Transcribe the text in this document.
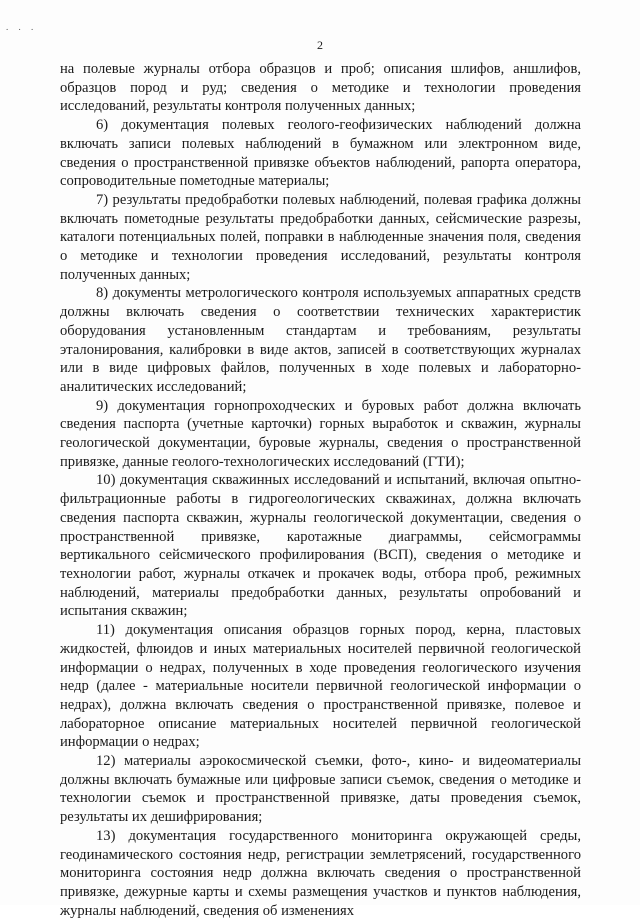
. . .
2

на полевые журналы отбора образцов и проб; описания шлифов, аншлифов, образцов пород и руд; сведения о методике и технологии проведения исследований, результаты контроля полученных данных;

6) документация полевых геолого-геофизических наблюдений должна включать записи полевых наблюдений в бумажном или электронном виде, сведения о пространственной привязке объектов наблюдений, рапорта оператора, сопроводительные пометодные материалы;

7) результаты предобработки полевых наблюдений, полевая графика должны включать пометодные результаты предобработки данных, сейсмические разрезы, каталоги потенциальных полей, поправки в наблюденные значения поля, сведения о методике и технологии проведения исследований, результаты контроля полученных данных;

8) документы метрологического контроля используемых аппаратных средств должны включать сведения о соответствии технических характеристик оборудования установленным стандартам и требованиям, результаты эталонирования, калибровки в виде актов, записей в соответствующих журналах или в виде цифровых файлов, полученных в ходе полевых и лабораторно-аналитических исследований;

9) документация горнопроходческих и буровых работ должна включать сведения паспорта (учетные карточки) горных выработок и скважин, журналы геологической документации, буровые журналы, сведения о пространственной привязке, данные геолого-технологических исследований (ГТИ);

10) документация скважинных исследований и испытаний, включая опытно-фильтрационные работы в гидрогеологических скважинах, должна включать сведения паспорта скважин, журналы геологической документации, сведения о пространственной привязке, каротажные диаграммы, сейсмограммы вертикального сейсмического профилирования (ВСП), сведения о методике и технологии работ, журналы откачек и прокачек воды, отбора проб, режимных наблюдений, материалы предобработки данных, результаты опробований и испытания скважин;

11) документация описания образцов горных пород, керна, пластовых жидкостей, флюидов и иных материальных носителей первичной геологической информации о недрах, полученных в ходе проведения геологического изучения недр (далее - материальные носители первичной геологической информации о недрах), должна включать сведения о пространственной привязке, полевое и лабораторное описание материальных носителей первичной геологической информации о недрах;

12) материалы аэрокосмической съемки, фото-, кино- и видеоматериалы должны включать бумажные или цифровые записи съемок, сведения о методике и технологии съемок и пространственной привязке, даты проведения съемок, результаты их дешифрирования;

13) документация государственного мониторинга окружающей среды, геодинамического состояния недр, регистрации землетрясений, государственного мониторинга состояния недр должна включать сведения о пространственной привязке, дежурные карты и схемы размещения участков и пунктов наблюдения, журналы наблюдений, сведения об изменениях
